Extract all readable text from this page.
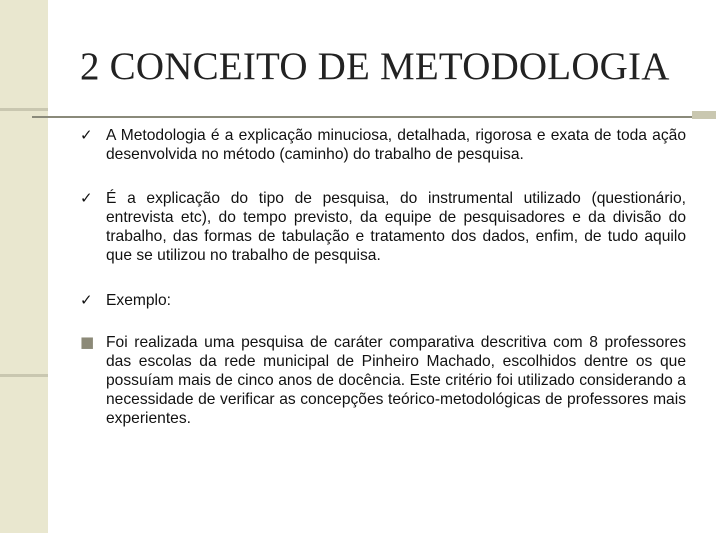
2 CONCEITO DE METODOLOGIA
✓ A Metodologia é a explicação minuciosa, detalhada, rigorosa e exata de toda ação desenvolvida no método (caminho) do trabalho de pesquisa.

✓ É a explicação do tipo de pesquisa, do instrumental utilizado (questionário, entrevista etc), do tempo previsto, da equipe de pesquisadores e da divisão do trabalho, das formas de tabulação e tratamento dos dados, enfim, de tudo aquilo que se utilizou no trabalho de pesquisa.

✓ Exemplo:

■ Foi realizada uma pesquisa de caráter comparativa descritiva com 8 professores das escolas da rede municipal de Pinheiro Machado, escolhidos dentre os que possuíam mais de cinco anos de docência. Este critério foi utilizado considerando a necessidade de verificar as concepções teórico-metodológicas de professores mais experientes.
